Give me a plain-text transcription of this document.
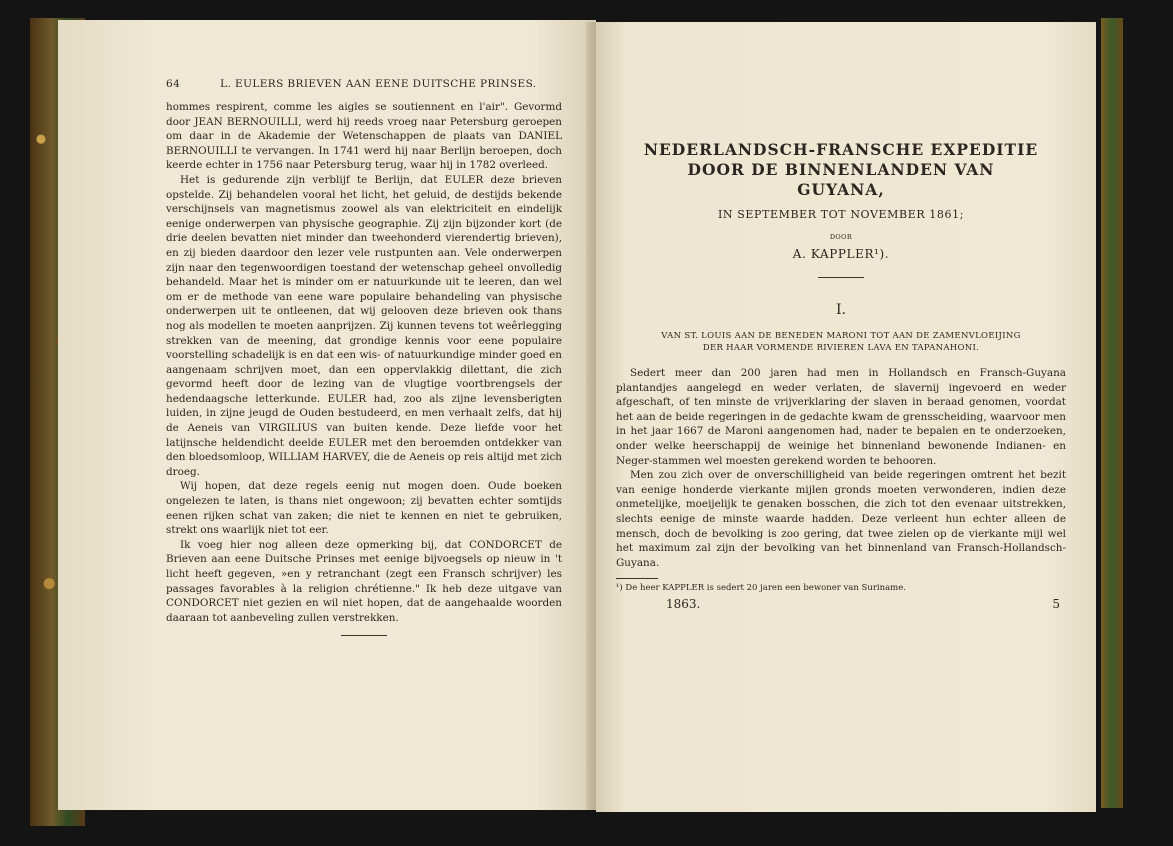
64	L. EULERS BRIEVEN AAN EENE DUITSCHE PRINSES.

hommes respirent, comme les aigles se soutiennent en l'air". Gevormd door JEAN BERNOUILLI, werd hij reeds vroeg naar Petersburg geroepen om daar in de Akademie der Wetenschappen de plaats van DANIEL BERNOUILLI te vervangen. In 1741 werd hij naar Berlijn beroepen, doch keerde echter in 1756 naar Petersburg terug, waar hij in 1782 overleed.

Het is gedurende zijn verblijf te Berlijn, dat EULER deze brieven opstelde. Zij behandelen vooral het licht, het geluid, de destijds bekende verschijnsels van magnetismus zoowel als van elektriciteit en eindelijk eenige onderwerpen van physische geographie. Zij zijn bijzonder kort (de drie deelen bevatten niet minder dan tweehonderd vierendertig brieven), en zij bieden daardoor den lezer vele rustpunten aan. Vele onderwerpen zijn naar den tegenwoordigen toestand der wetenschap geheel onvolledig behandeld. Maar het is minder om er natuurkunde uit te leeren, dan wel om er de methode van eene ware populaire behandeling van physische onderwerpen uit te ontleenen, dat wij gelooven deze brieven ook thans nog als modellen te moeten aanprijzen. Zij kunnen tevens tot weêrlegging strekken van de meening, dat grondige kennis voor eene populaire voorstelling schadelijk is en dat een wis- of natuurkundige minder goed en aangenaam schrijven moet, dan een oppervlakkig dilettant, die zich gevormd heeft door de lezing van de vlugtige voortbrengsels der hedendaagsche letterkunde. EULER had, zoo als zijne levensberigten luiden, in zijne jeugd de Ouden bestudeerd, en men verhaalt zelfs, dat hij de Aeneis van VIRGILIUS van buiten kende. Deze liefde voor het latijnsche heldendicht deelde EULER met den beroemden ontdekker van den bloedsomloop, WILLIAM HARVEY, die de Aeneis op reis altijd met zich droeg.

Wij hopen, dat deze regels eenig nut mogen doen. Oude boeken ongelezen te laten, is thans niet ongewoon; zij bevatten echter somtijds eenen rijken schat van zaken; die niet te kennen en niet te gebruiken, strekt ons waarlijk niet tot eer.

Ik voeg hier nog alleen deze opmerking bij, dat CONDORCET de Brieven aan eene Duitsche Prinses met eenige bijvoegsels op nieuw in 't licht heeft gegeven, »en y retranchant (zegt een Fransch schrijver) les passages favorables à la religion chrétienne." Ik heb deze uitgave van CONDORCET niet gezien en wil niet hopen, dat de aangehaalde woorden daaraan tot aanbeveling zullen verstrekken.

NEDERLANDSCH-FRANSCHE EXPEDITIE
DOOR DE BINNENLANDEN VAN
GUYANA,
IN SEPTEMBER TOT NOVEMBER 1861;
DOOR
A. KAPPLER¹).
I.
VAN ST. LOUIS AAN DE BENEDEN MARONI TOT AAN DE ZAMENVLOEIJING
DER HAAR VORMENDE RIVIEREN LAVA EN TAPANAHONI.

Sedert meer dan 200 jaren had men in Hollandsch en Fransch-Guyana plantandjes aangelegd en weder verlaten, de slavernij ingevoerd en weder afgeschaft, of ten minste de vrijverklaring der slaven in beraad genomen, voordat het aan de beide regeringen in de gedachte kwam de grensscheiding, waarvoor men in het jaar 1667 de Maroni aangenomen had, nader te bepalen en te onderzoeken, onder welke heerschappij de weinige het binnenland bewonende Indianen- en Neger-stammen wel moesten gerekend worden te behooren.

Men zou zich over de onverschilligheid van beide regeringen omtrent het bezit van eenige honderde vierkante mijlen gronds moeten verwonderen, indien deze onmetelijke, moeijelijk te genaken bosschen, die zich tot den evenaar uitstrekken, slechts eenige de minste waarde hadden. Deze verleent hun echter alleen de mensch, doch de bevolking is zoo gering, dat twee zielen op de vierkante mijl wel het maximum zal zijn der bevolking van het binnenland van Fransch-Hollandsch-Guyana.

¹) De heer KAPPLER is sedert 20 jaren een bewoner van Suriname.
1863.	5
